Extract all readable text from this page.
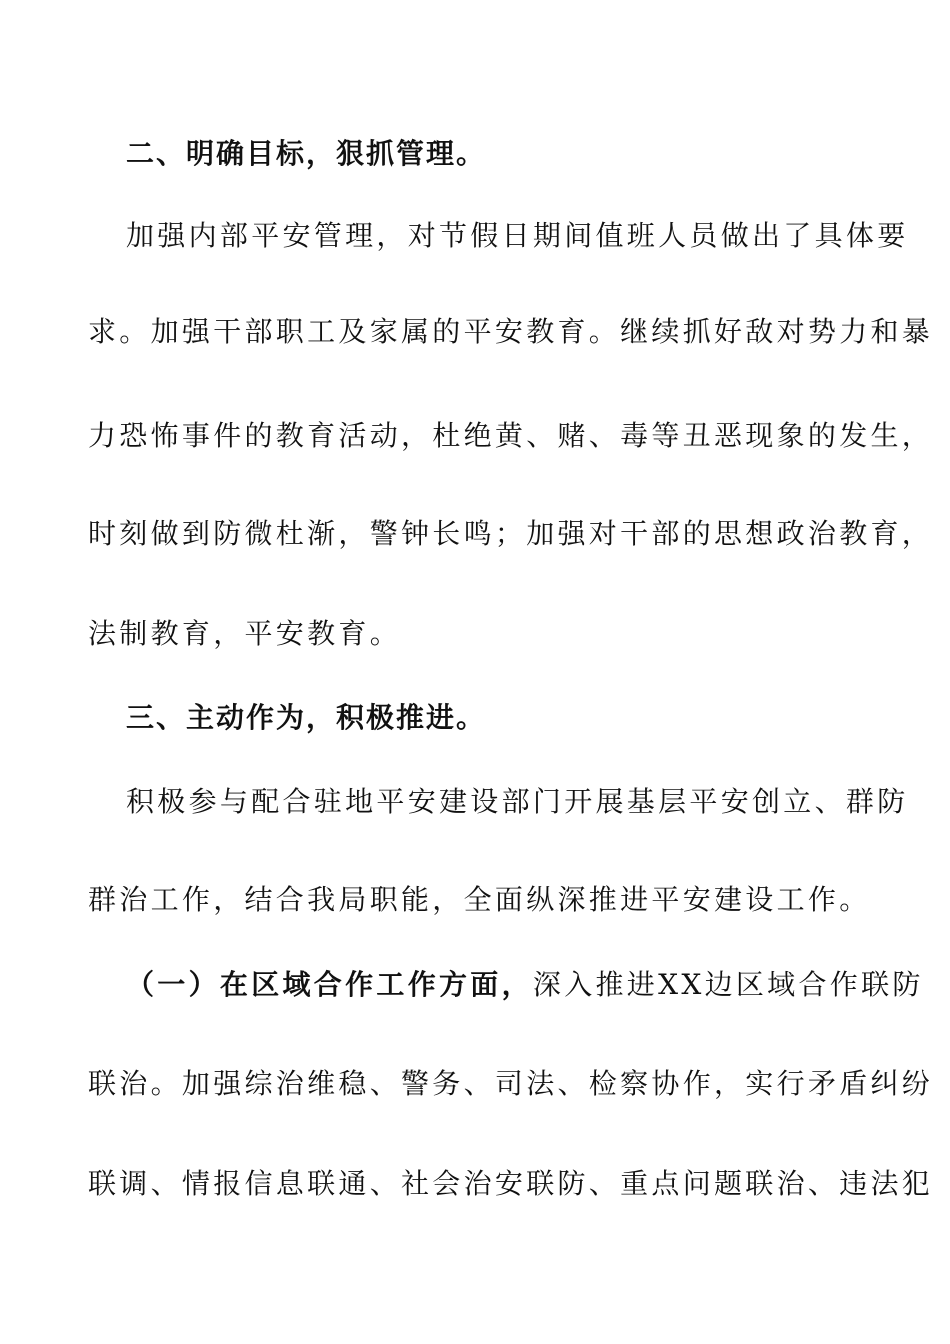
二、明确目标，狠抓管理。
加强内部平安管理，对节假日期间值班人员做出了具体要
求。加强干部职工及家属的平安教育。继续抓好敌对势力和暴
力恐怖事件的教育活动，杜绝黄、赌、毒等丑恶现象的发生，
时刻做到防微杜渐，警钟长鸣；加强对干部的思想政治教育，
法制教育，平安教育。
三、主动作为，积极推进。
积极参与配合驻地平安建设部门开展基层平安创立、群防
群治工作，结合我局职能，全面纵深推进平安建设工作。
（一）在区域合作工作方面，深入推进XX边区域合作联防
联治。加强综治维稳、警务、司法、检察协作，实行矛盾纠纷
联调、情报信息联通、社会治安联防、重点问题联治、违法犯
